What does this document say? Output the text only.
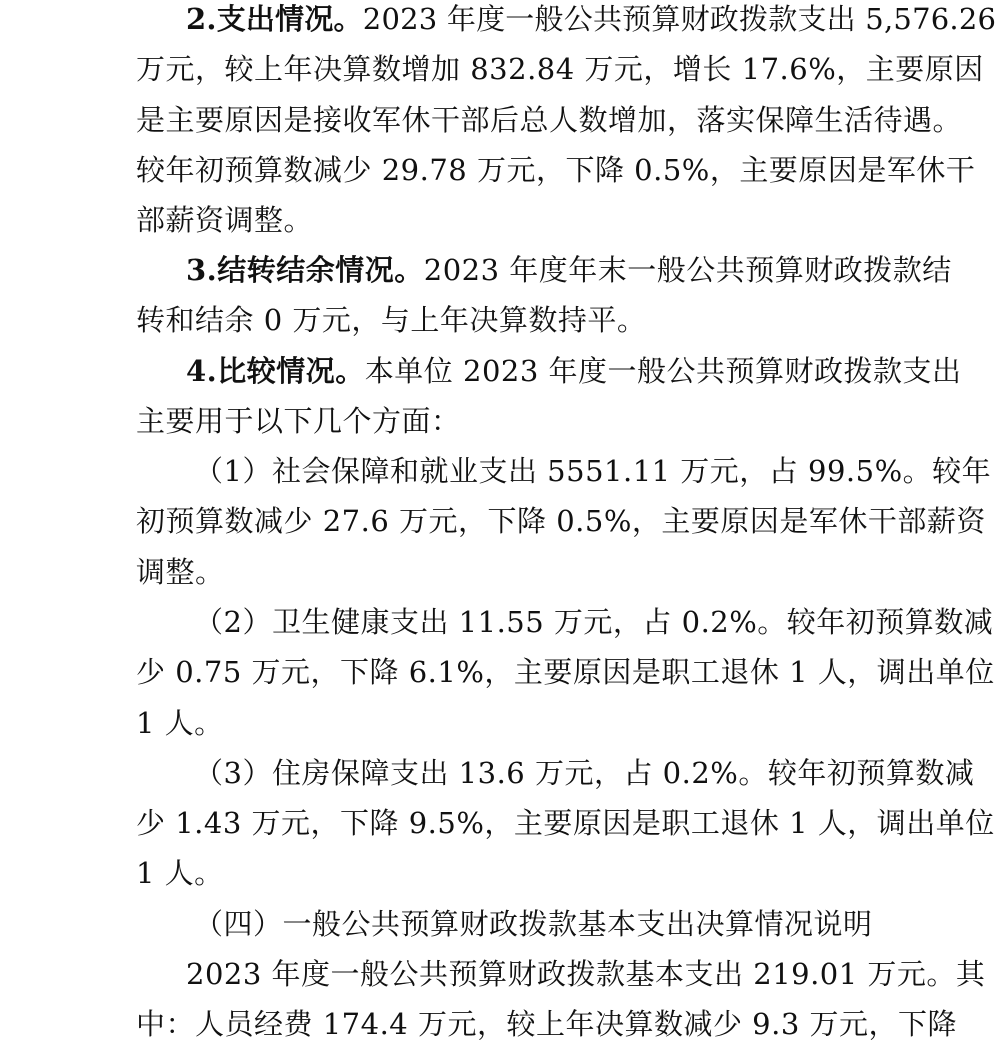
2.支出情况。2023 年度一般公共预算财政拨款支出 5,576.26
万元，较上年决算数增加 832.84 万元，增长 17.6%，主要原因
是主要原因是接收军休干部后总人数增加，落实保障生活待遇。
较年初预算数减少 29.78 万元，下降 0.5%，主要原因是军休干
部薪资调整。
3.结转结余情况。2023 年度年末一般公共预算财政拨款结
转和结余 0 万元，与上年决算数持平。
4.比较情况。本单位 2023 年度一般公共预算财政拨款支出
主要用于以下几个方面：
（1）社会保障和就业支出 5551.11 万元，占 99.5%。较年
初预算数减少 27.6 万元，下降 0.5%，主要原因是军休干部薪资
调整。
（2）卫生健康支出 11.55 万元，占 0.2%。较年初预算数减
少 0.75 万元，下降 6.1%，主要原因是职工退休 1 人，调出单位
1 人。
（3）住房保障支出 13.6 万元，占 0.2%。较年初预算数减
少 1.43 万元，下降 9.5%，主要原因是职工退休 1 人，调出单位
1 人。
（四）一般公共预算财政拨款基本支出决算情况说明
2023 年度一般公共预算财政拨款基本支出 219.01 万元。其
中：人员经费 174.4 万元，较上年决算数减少 9.3 万元，下降
